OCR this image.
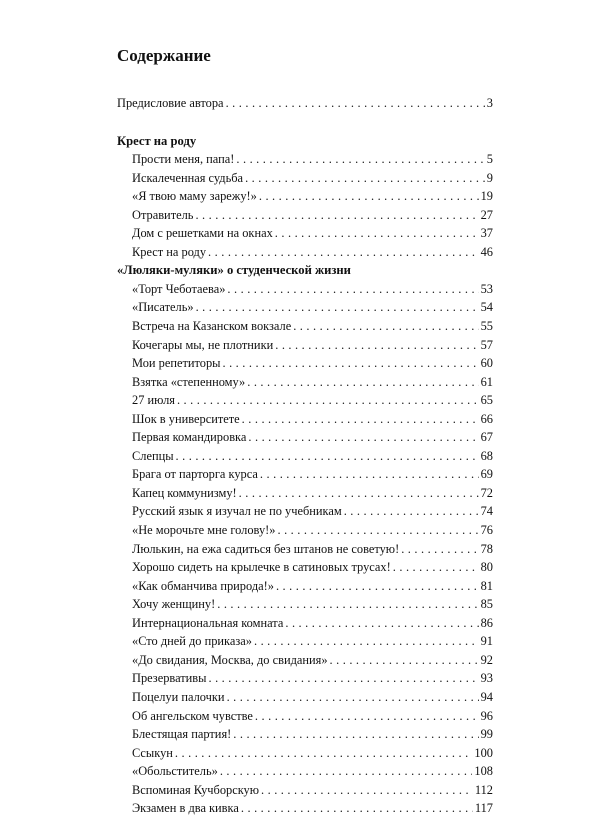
Содержание
Предисловие автора . . .	3
Крест на роду
Прости меня, папа! . . .	5
Искалеченная судьба . . .	9
«Я твою маму зарежу!» . . .	19
Отравитель . . .	27
Дом с решетками на окнах . . .	37
Крест на роду . . .	46
«Люляки-муляки» о студенческой жизни
«Торт Чеботаева» . . .	53
«Писатель» . . .	54
Встреча на Казанском вокзале . . .	55
Кочегары мы, не плотники . . .	57
Мои репетиторы . . .	60
Взятка «степенному» . . .	61
27 июля . . .	65
Шок в университете . . .	66
Первая командировка . . .	67
Слепцы . . .	68
Брага от парторга курса . . .	69
Капец коммунизму! . . .	72
Русский язык я изучал не по учебникам . . .	74
«Не морочьте мне голову!» . . .	76
Люлькин, на ежа садиться без штанов не советую! . . .	78
Хорошо сидеть на крылечке в сатиновых трусах! . . .	80
«Как обманчива природа!» . . .	81
Хочу женщину! . . .	85
Интернациональная комната . . .	86
«Сто дней до приказа» . . .	91
«До свидания, Москва, до свидания» . . .	92
Презервативы . . .	93
Поцелуи палочки . . .	94
Об ангельском чувстве . . .	96
Блестящая партия! . . .	99
Ссыкун . . .	100
«Обольститель» . . .	108
Вспоминая Кучборскую . . .	112
Экзамен в два кивка . . .	117
